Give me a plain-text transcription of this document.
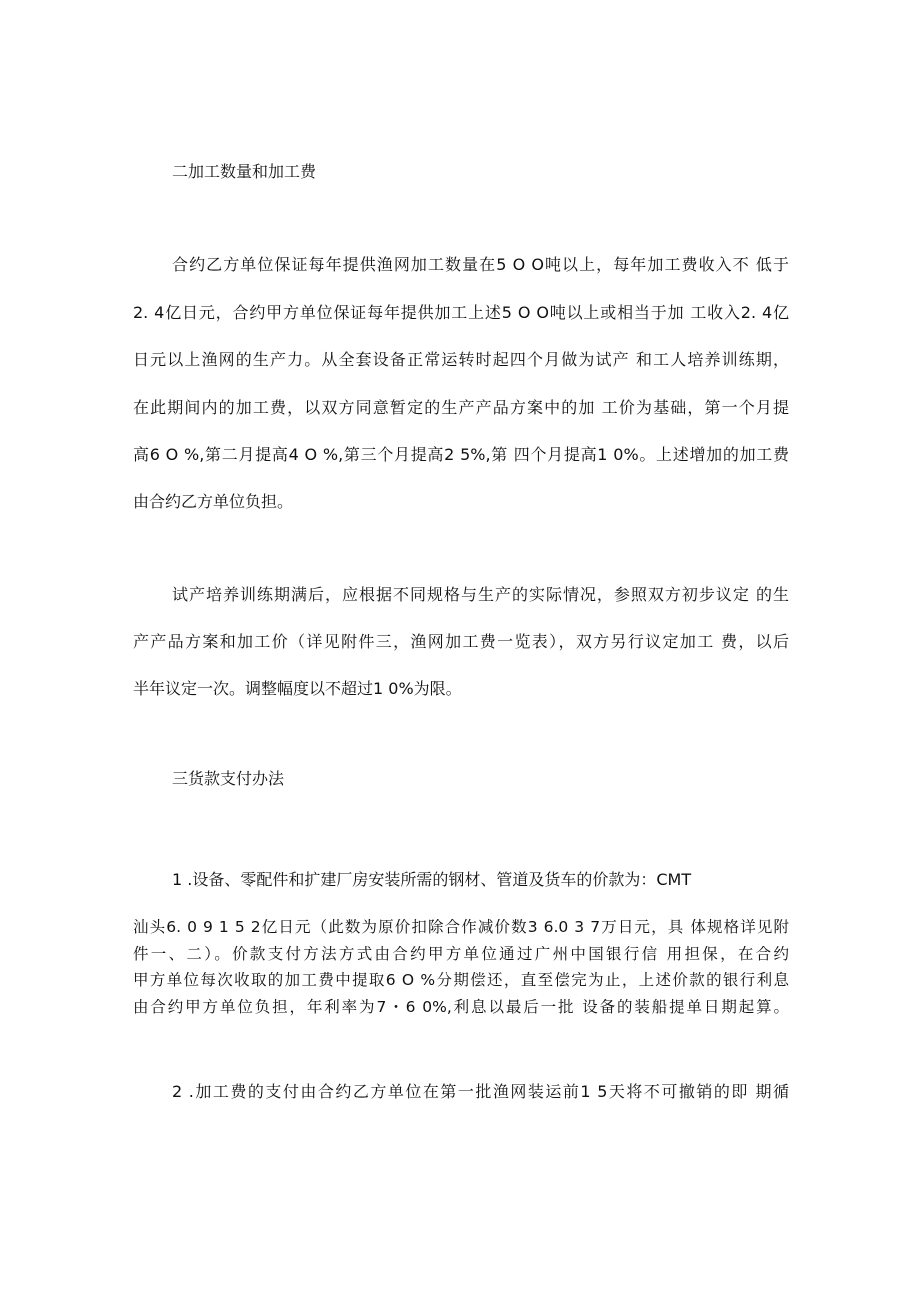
二加工数量和加工费
合约乙方单位保证每年提供渔网加工数量在5 O O吨以上，每年加工费收入不 低于
2. 4亿日元，合约甲方单位保证每年提供加工上述5 O O吨以上或相当于加 工收入2. 4亿
日元以上渔网的生产力。从全套设备正常运转时起四个月做为试产 和工人培养训练期，
在此期间内的加工费，以双方同意暂定的生产产品方案中的加 工价为基础，第一个月提
高6 O %,第二月提高4 O %,第三个月提高2 5%,第 四个月提高1 0%。上述增加的加工费
由合约乙方单位负担。
试产培养训练期满后，应根据不同规格与生产的实际情况，参照双方初步议定 的生
产产品方案和加工价（详见附件三，渔网加工费一览表），双方另行议定加工 费，以后
半年议定一次。调整幅度以不超过1 0%为限。
三货款支付办法
1 .设备、零配件和扩建厂房安装所需的钢材、管道及货车的价款为：CMT
汕头6. 0 9 1 5 2亿日元（此数为原价扣除合作减价数3 6.0 3 7万日元，具 体规格详见附
件一、二）。价款支付方法方式由合约甲方单位通过广州中国银行信 用担保，在合约
甲方单位每次收取的加工费中提取6 O %分期偿还，直至偿完为止，上述价款的银行利息
由合约甲方单位负担，年利率为7・6 0%,利息以最后一批 设备的装船提单日期起算。
2 .加工费的支付由合约乙方单位在第一批渔网装运前1 5天将不可撤销的即 期循
